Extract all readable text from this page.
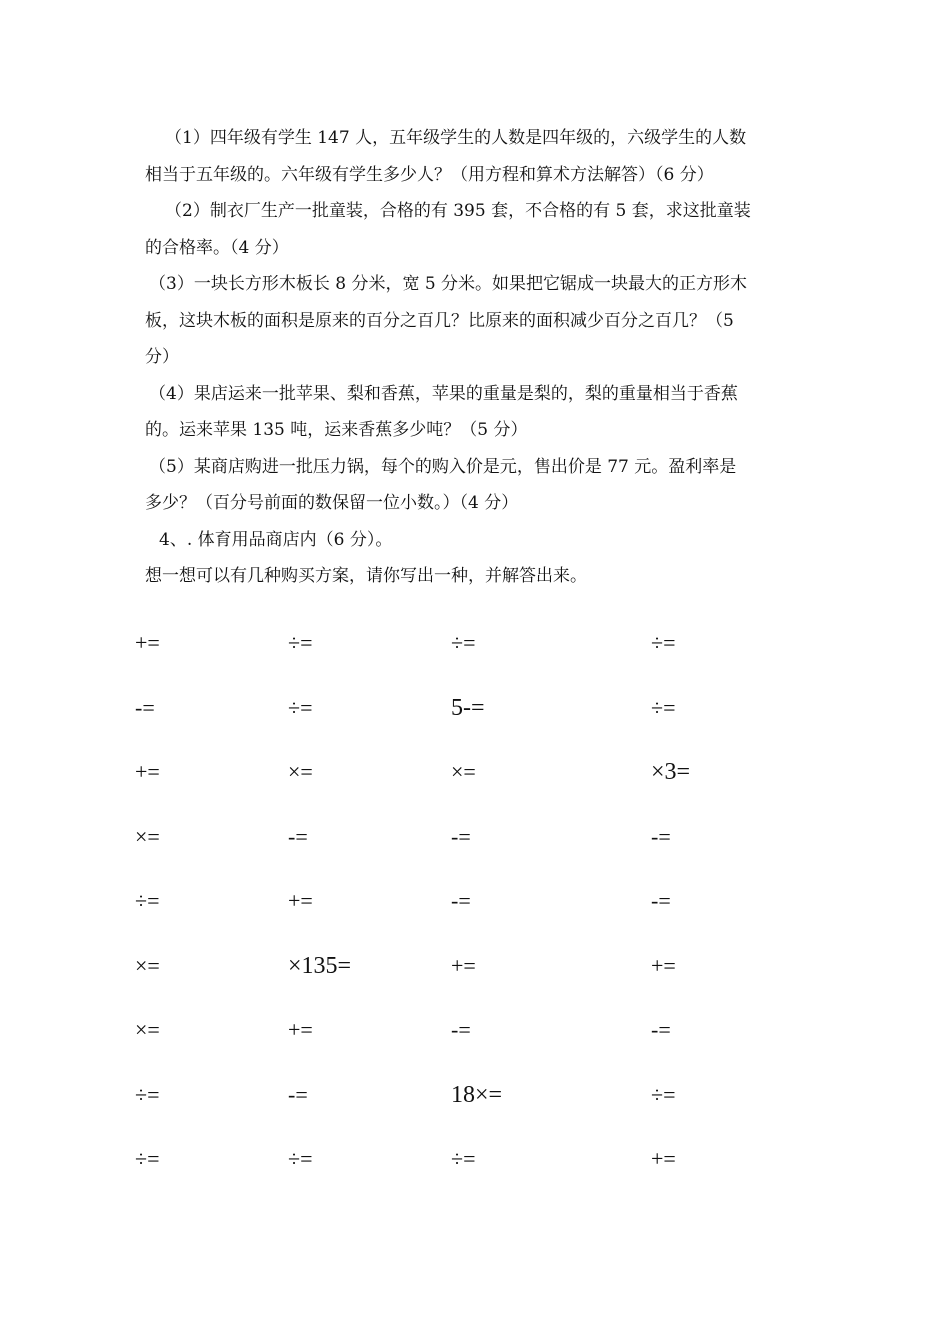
（1）四年级有学生 147 人，五年级学生的人数是四年级的，六级学生的人数
相当于五年级的。六年级有学生多少人？（用方程和算术方法解答）（6 分）
（2）制衣厂生产一批童装，合格的有 395 套，不合格的有 5 套，求这批童装
的合格率。（4 分）
（3）一块长方形木板长 8 分米，宽 5 分米。如果把它锯成一块最大的正方形木
板，这块木板的面积是原来的百分之百几？比原来的面积减少百分之百几？（5
分）
（4）果店运来一批苹果、梨和香蕉，苹果的重量是梨的，梨的重量相当于香蕉
的。运来苹果 135 吨，运来香蕉多少吨？（5 分）
（5）某商店购进一批压力锅，每个的购入价是元，售出价是 77 元。盈利率是
多少？（百分号前面的数保留一位小数。）（4 分）
4、. 体育用品商店内（6 分）。
想一想可以有几种购买方案，请你写出一种，并解答出来。
+=	÷=	÷=	÷=
-=	÷=	5-=	÷=
+=	×=	×=	×3=
×=	-=	-=	-=
÷=	+=	-=	-=
×=	×135=	+=	+=
×=	+=	-=	-=
÷=	-=	18×=	÷=
÷=	÷=	÷=	+=
